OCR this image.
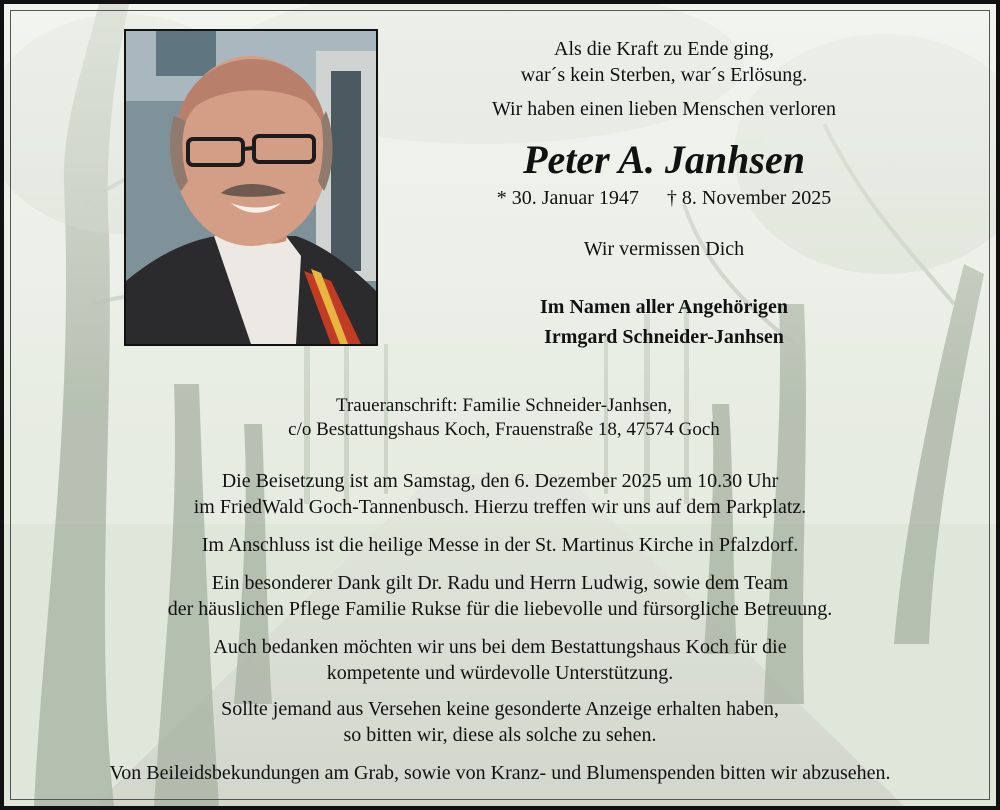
Als die Kraft zu Ende ging,
war´s kein Sterben, war´s Erlösung.
Wir haben einen lieben Menschen verloren
Peter A. Janhsen
* 30. Januar 1947 † 8. November 2025
Wir vermissen Dich
Im Namen aller Angehörigen
Irmgard Schneider-Janhsen
Traueranschrift: Familie Schneider-Janhsen,
c/o Bestattungshaus Koch, Frauenstraße 18, 47574 Goch
Die Beisetzung ist am Samstag, den 6. Dezember 2025 um 10.30 Uhr
im FriedWald Goch-Tannenbusch. Hierzu treffen wir uns auf dem Parkplatz.
Im Anschluss ist die heilige Messe in der St. Martinus Kirche in Pfalzdorf.
Ein besonderer Dank gilt Dr. Radu und Herrn Ludwig, sowie dem Team
der häuslichen Pflege Familie Rukse für die liebevolle und fürsorgliche Betreuung.
Auch bedanken möchten wir uns bei dem Bestattungshaus Koch für die
kompetente und würdevolle Unterstützung.
Sollte jemand aus Versehen keine gesonderte Anzeige erhalten haben,
so bitten wir, diese als solche zu sehen.
Von Beileidsbekundungen am Grab, sowie von Kranz- und Blumenspenden bitten wir abzusehen.
